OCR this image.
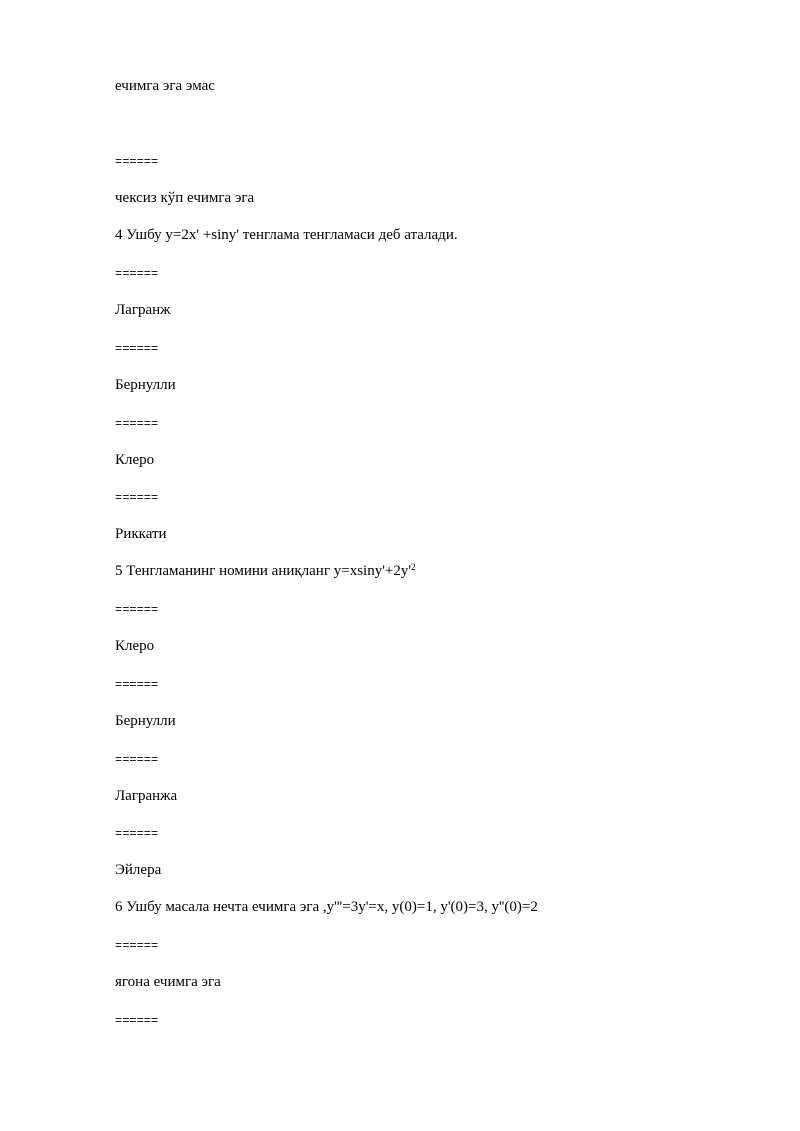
ечимга эга эмас
======
чексиз кўп ечимга эга
4 Ушбу y=2x' +siny' тенглама тенгламаси деб аталади.
======
Лагранж
======
Бернулли
======
Клеро
======
Риккати
5 Тенгламанинг номини аниқланг $y=xsiny'+2y'^2$
======
Клеро
======
Бернулли
======
Лагранжа
======
Эйлера
6 Ушбу масала нечта ечимга эга ,y'''=3y'=x, y(0)=1, y'(0)=3, y''(0)=2
======
ягона ечимга эга
======
